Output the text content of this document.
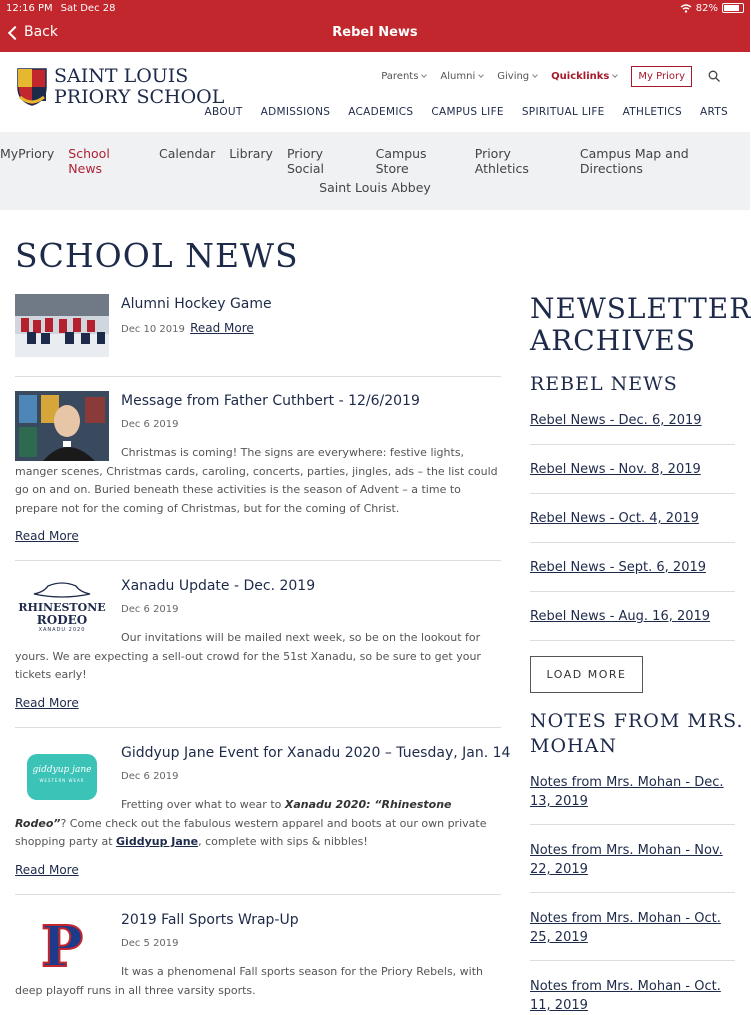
12:16 PM Sat Dec 28	82%
Back	Rebel News
SAINT LOUIS
PRIORY SCHOOL
Parents	Alumni	Giving	Quicklinks	My Priory
ABOUT ADMISSIONS ACADEMICS CAMPUS LIFE SPIRITUAL LIFE ATHLETICS ARTS
MyPriory School News
Calendar Library Priory Social
Campus Store
Priory Athletics
Campus Map and Directions
Saint Louis Abbey
SCHOOL NEWS
Alumni Hockey Game
Dec 10 2019 Read More
Message from Father Cuthbert - 12/6/2019
Dec 6 2019
Christmas is coming! The signs are everywhere: festive lights, manger scenes, Christmas cards, caroling, concerts, parties, jingles, ads – the list could go on and on. Buried beneath these activities is the season of Advent – a time to prepare not for the coming of Christmas, but for the coming of Christ.
Read More
RHINESTONE
RODEO
XANADU 2020
Xanadu Update - Dec. 2019
Dec 6 2019
Our invitations will be mailed next week, so be on the lookout for yours. We are expecting a sell-out crowd for the 51st Xanadu, so be sure to get your tickets early!
Read More
giddyup jane
WESTERN WEAR
Giddyup Jane Event for Xanadu 2020 – Tuesday, Jan. 14
Dec 6 2019
Fretting over what to wear to Xanadu 2020: “Rhinestone Rodeo”? Come check out the fabulous western apparel and boots at our own private shopping party at Giddyup Jane, complete with sips & nibbles!
Read More
P	2019 Fall Sports Wrap-Up
Dec 5 2019
It was a phenomenal Fall sports season for the Priory Rebels, with deep playoff runs in all three varsity sports.
NEWSLETTER
ARCHIVES
REBEL NEWS
Rebel News - Dec. 6, 2019
Rebel News - Nov. 8, 2019
Rebel News - Oct. 4, 2019
Rebel News - Sept. 6, 2019
Rebel News - Aug. 16, 2019
LOAD MORE
NOTES FROM MRS.
MOHAN
Notes from Mrs. Mohan - Dec. 13, 2019
Notes from Mrs. Mohan - Nov. 22, 2019
Notes from Mrs. Mohan - Oct. 25, 2019
Notes from Mrs. Mohan - Oct. 11, 2019
